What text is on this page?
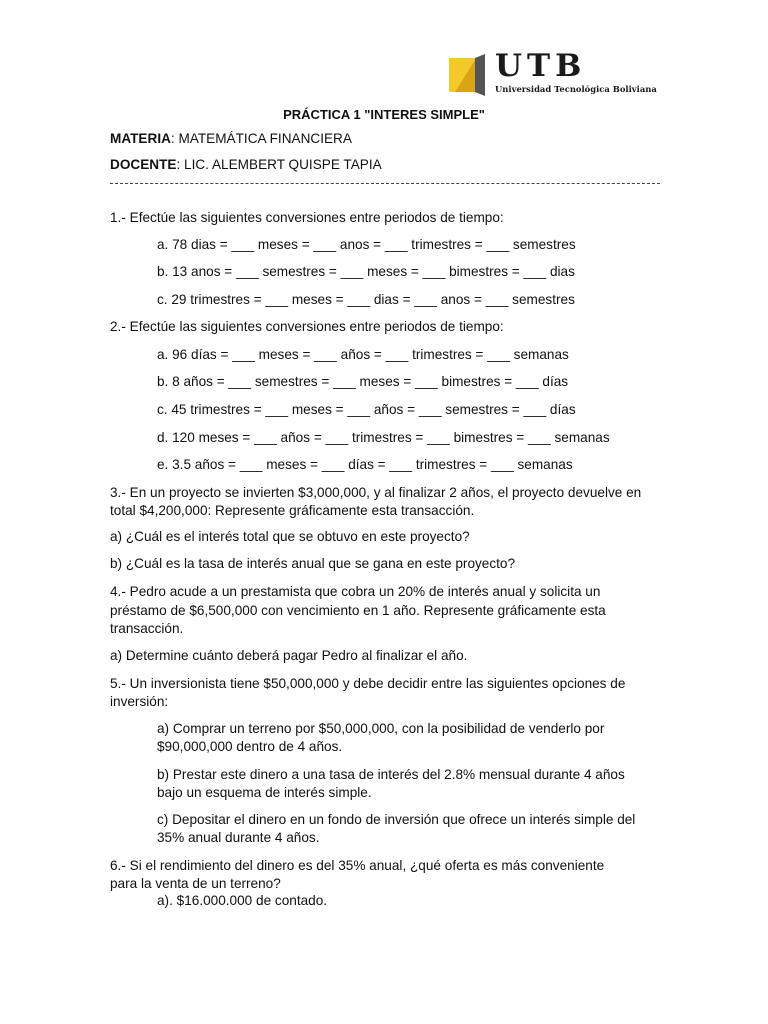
UTB
Universidad Tecnológica Boliviana
PRÁCTICA 1 "INTERES SIMPLE"
MATERIA: MATEMÁTICA FINANCIERA
DOCENTE: LIC. ALEMBERT QUISPE TAPIA
1.- Efectúe las siguientes conversiones entre periodos de tiempo:
a. 78 dias = ___ meses = ___ anos = ___ trimestres = ___ semestres
b. 13 anos = ___ semestres = ___ meses = ___ bimestres = ___ dias
c. 29 trimestres = ___ meses = ___ dias = ___ anos = ___ semestres
2.- Efectúe las siguientes conversiones entre periodos de tiempo:
a. 96 días = ___ meses = ___ años = ___ trimestres = ___ semanas
b. 8 años = ___ semestres = ___ meses = ___ bimestres = ___ días
c. 45 trimestres = ___ meses = ___ años = ___ semestres = ___ días
d. 120 meses = ___ años = ___ trimestres = ___ bimestres = ___ semanas
e. 3.5 años = ___ meses = ___ días = ___ trimestres = ___ semanas
3.- En un proyecto se invierten $3,000,000, y al finalizar 2 años, el proyecto devuelve en
total $4,200,000: Represente gráficamente esta transacción.
a) ¿Cuál es el interés total que se obtuvo en este proyecto?
b) ¿Cuál es la tasa de interés anual que se gana en este proyecto?
4.- Pedro acude a un prestamista que cobra un 20% de interés anual y solicita un
préstamo de $6,500,000 con vencimiento en 1 año. Represente gráficamente esta
transacción.
a) Determine cuánto deberá pagar Pedro al finalizar el año.
5.- Un inversionista tiene $50,000,000 y debe decidir entre las siguientes opciones de
inversión:
a) Comprar un terreno por $50,000,000, con la posibilidad de venderlo por
$90,000,000 dentro de 4 años.
b) Prestar este dinero a una tasa de interés del 2.8% mensual durante 4 años
bajo un esquema de interés simple.
c) Depositar el dinero en un fondo de inversión que ofrece un interés simple del
35% anual durante 4 años.
6.- Si el rendimiento del dinero es del 35% anual, ¿qué oferta es más conveniente
para la venta de un terreno?
a). $16.000.000 de contado.
